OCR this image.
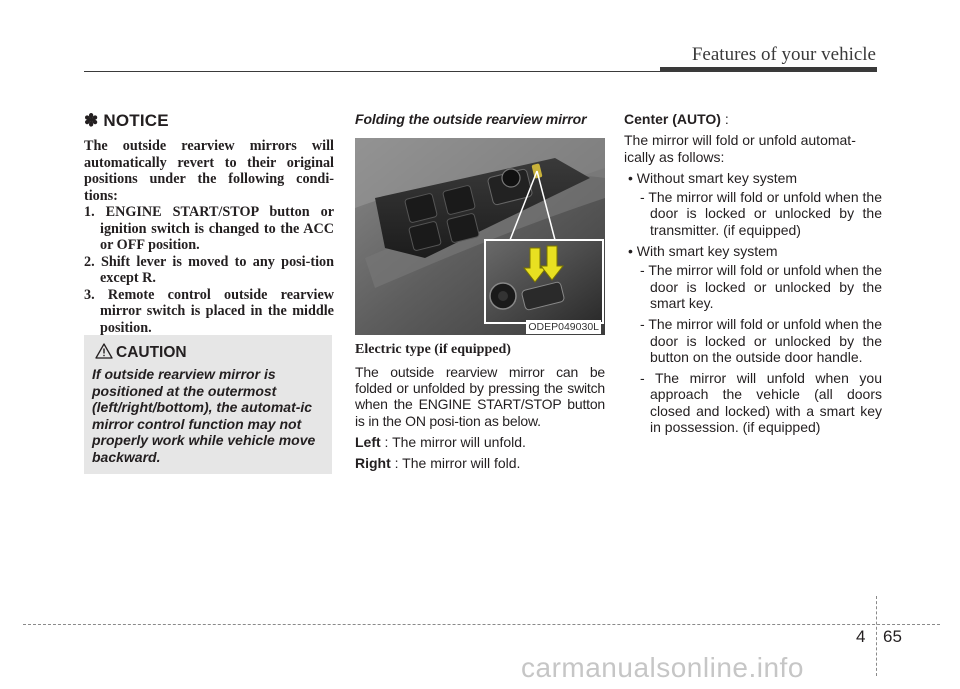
Features of your vehicle
✽ NOTICE

The outside rearview mirrors will automatically revert to their original positions under the following condi-tions:

1. ENGINE START/STOP button or ignition switch is changed to the ACC or OFF position.
2. Shift lever is moved to any posi-tion except R.
3. Remote control outside rearview mirror switch is placed in the middle position.
CAUTION
If outside rearview mirror is positioned at the outermost (left/right/bottom), the automat-ic mirror control function may not properly work while vehicle move backward.
Folding the outside rearview mirror
ODEP049030L
Electric type (if equipped)

The outside rearview mirror can be folded or unfolded by pressing the switch when the ENGINE START/STOP button is in the ON posi-tion as below.

Left : The mirror will unfold.

Right : The mirror will fold.

Center (AUTO) :

The mirror will fold or unfold automat-ically as follows:

• Without smart key system

- The mirror will fold or unfold when the door is locked or unlocked by the transmitter. (if equipped)

• With smart key system

- The mirror will fold or unfold when the door is locked or unlocked by the smart key.

- The mirror will fold or unfold when the door is locked or unlocked by the button on the outside door handle.

- The mirror will unfold when you approach the vehicle (all doors closed and locked) with a smart key in possession. (if equipped)

4 65
carmanualsonline.info
